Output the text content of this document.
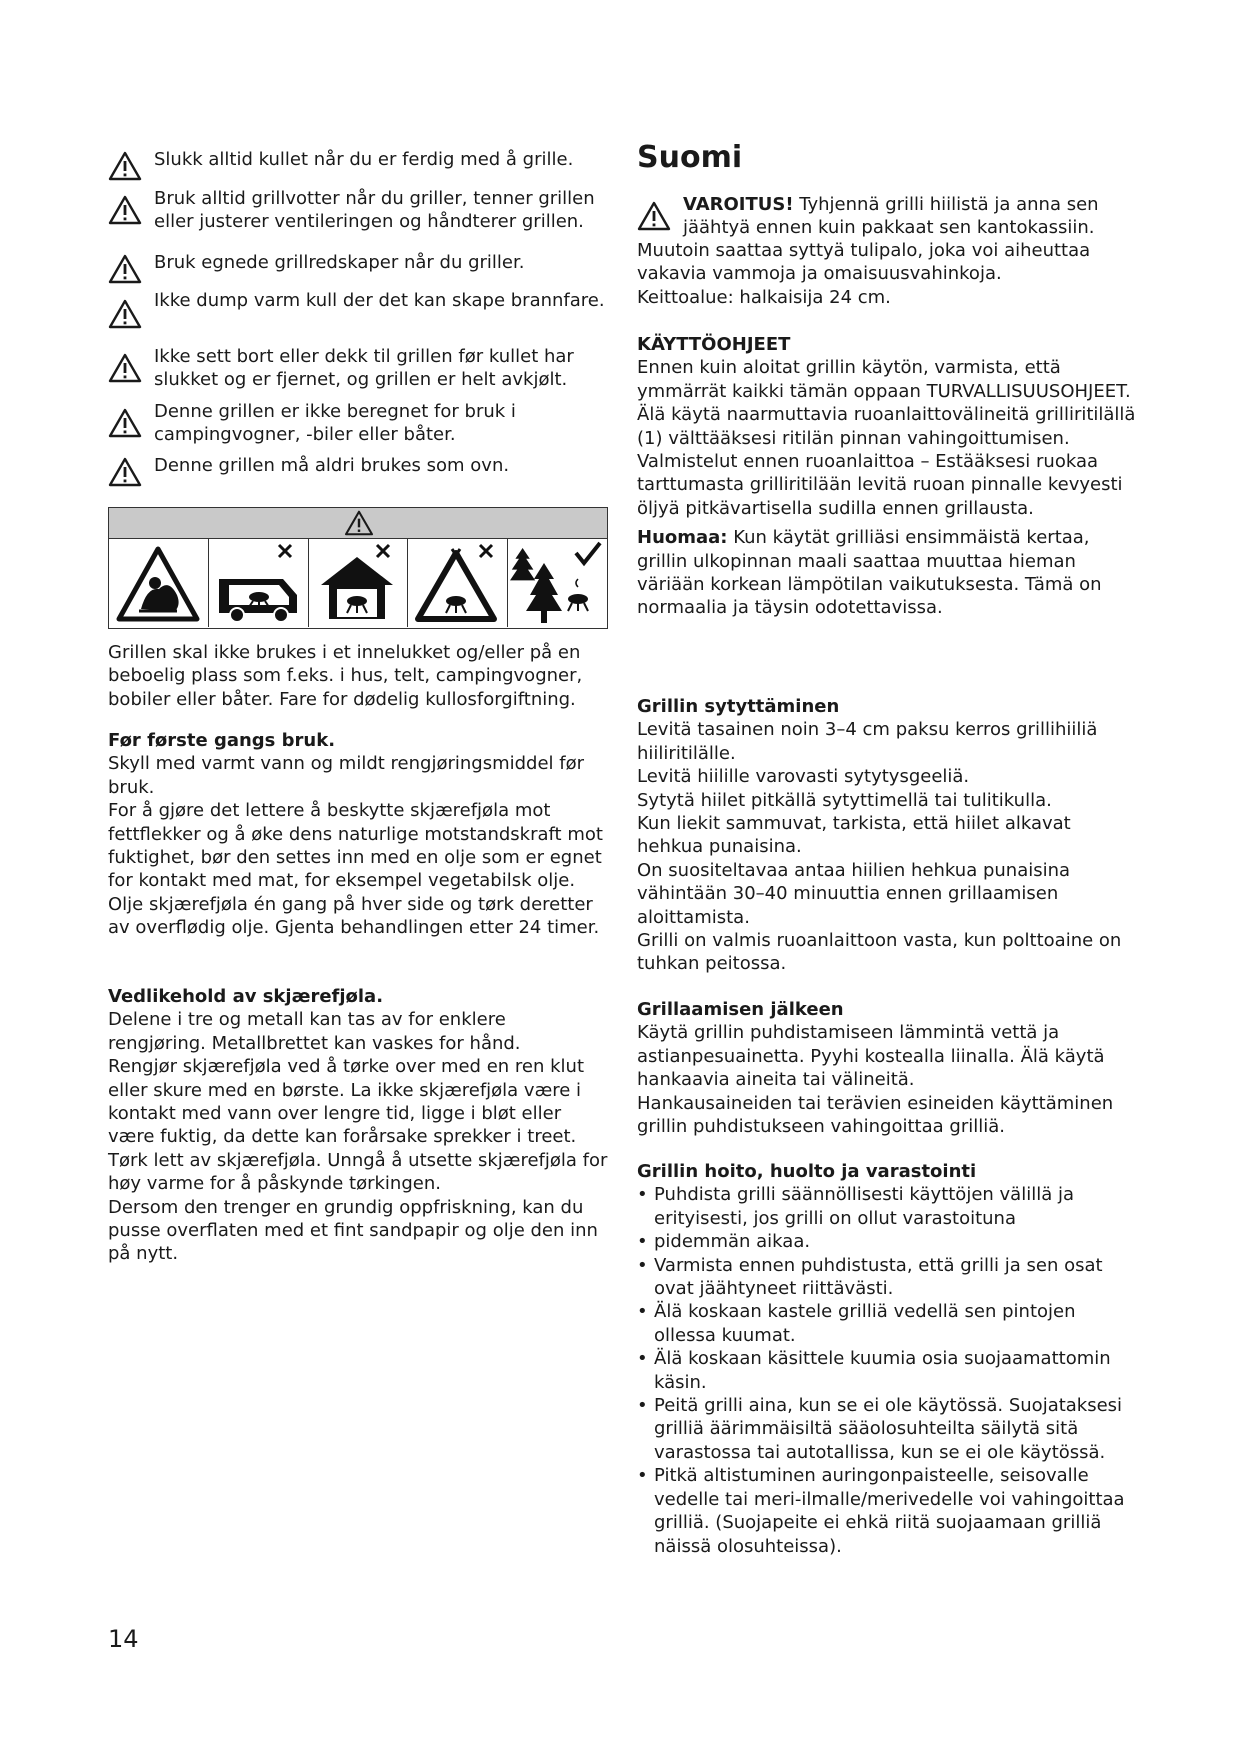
Slukk alltid kullet når du er ferdig med å grille.
Bruk alltid grillvotter når du griller, tenner grillen eller justerer ventileringen og håndterer grillen.
Bruk egnede grillredskaper når du griller.
Ikke dump varm kull der det kan skape brannfare.
Ikke sett bort eller dekk til grillen før kullet har slukket og er fjernet, og grillen er helt avkjølt.
Denne grillen er ikke beregnet for bruk i campingvogner, -biler eller båter.
Denne grillen må aldri brukes som ovn.

Grillen skal ikke brukes i et innelukket og/eller på en beboelig plass som f.eks. i hus, telt, campingvogner, bobiler eller båter. Fare for dødelig kullosforgiftning.

Før første gangs bruk.

Skyll med varmt vann og mildt rengjøringsmiddel før bruk.

For å gjøre det lettere å beskytte skjærefjøla mot fettflekker og å øke dens naturlige motstandskraft mot fuktighet, bør den settes inn med en olje som er egnet for kontakt med mat, for eksempel vegetabilsk olje. Olje skjærefjøla én gang på hver side og tørk deretter av overflødig olje. Gjenta behandlingen etter 24 timer.

Vedlikehold av skjærefjøla.

Delene i tre og metall kan tas av for enklere rengjøring. Metallbrettet kan vaskes for hånd.

Rengjør skjærefjøla ved å tørke over med en ren klut eller skure med en børste. La ikke skjærefjøla være i kontakt med vann over lengre tid, ligge i bløt eller være fuktig, da dette kan forårsake sprekker i treet. Tørk lett av skjærefjøla. Unngå å utsette skjærefjøla for høy varme for å påskynde tørkingen.

Dersom den trenger en grundig oppfriskning, kan du pusse overflaten med et fint sandpapir og olje den inn på nytt.

Suomi
VAROITUS! Tyhjennä grilli hiilistä ja anna sen jäähtyä ennen kuin pakkaat sen kantokassiin.

Muutoin saattaa syttyä tulipalo, joka voi aiheuttaa vakavia vammoja ja omaisuusvahinkoja.

Keittoalue: halkaisija 24 cm.

KÄYTTÖOHJEET

Ennen kuin aloitat grillin käytön, varmista, että ymmärrät kaikki tämän oppaan TURVALLISUUSOHJEET.

Älä käytä naarmuttavia ruoanlaittovälineitä grilliritilällä (1) välttääksesi ritilän pinnan vahingoittumisen.

Valmistelut ennen ruoanlaittoa – Estääksesi ruokaa tarttumasta grilliritilään levitä ruoan pinnalle kevyesti öljyä pitkävartisella sudilla ennen grillausta.

Huomaa: Kun käytät grilliäsi ensimmäistä kertaa, grillin ulkopinnan maali saattaa muuttaa hieman väriään korkean lämpötilan vaikutuksesta. Tämä on normaalia ja täysin odotettavissa.

Grillin sytyttäminen

Levitä tasainen noin 3–4 cm paksu kerros grillihiiliä hiiliritilälle.

Levitä hiilille varovasti sytytysgeeliä.

Sytytä hiilet pitkällä sytyttimellä tai tulitikulla.

Kun liekit sammuvat, tarkista, että hiilet alkavat hehkua punaisina.

On suositeltavaa antaa hiilien hehkua punaisina vähintään 30–40 minuuttia ennen grillaamisen aloittamista.

Grilli on valmis ruoanlaittoon vasta, kun polttoaine on tuhkan peitossa.

Grillaamisen jälkeen

Käytä grillin puhdistamiseen lämmintä vettä ja astianpesuainetta. Pyyhi kostealla liinalla. Älä käytä hankaavia aineita tai välineitä.

Hankausaineiden tai terävien esineiden käyttäminen grillin puhdistukseen vahingoittaa grilliä.

Grillin hoito, huolto ja varastointi

• Puhdista grilli säännöllisesti käyttöjen välillä ja erityisesti, jos grilli on ollut varastoituna
• pidemmän aikaa.
• Varmista ennen puhdistusta, että grilli ja sen osat ovat jäähtyneet riittävästi.
• Älä koskaan kastele grilliä vedellä sen pintojen ollessa kuumat.
• Älä koskaan käsittele kuumia osia suojaamattomin käsin.
• Peitä grilli aina, kun se ei ole käytössä. Suojataksesi grilliä äärimmäisiltä sääolosuhteilta säilytä sitä varastossa tai autotallissa, kun se ei ole käytössä.
• Pitkä altistuminen auringonpaisteelle, seisovalle vedelle tai meri-ilmalle/merivedelle voi vahingoittaa grilliä. (Suojapeite ei ehkä riitä suojaamaan grilliä näissä olosuhteissa).
14
